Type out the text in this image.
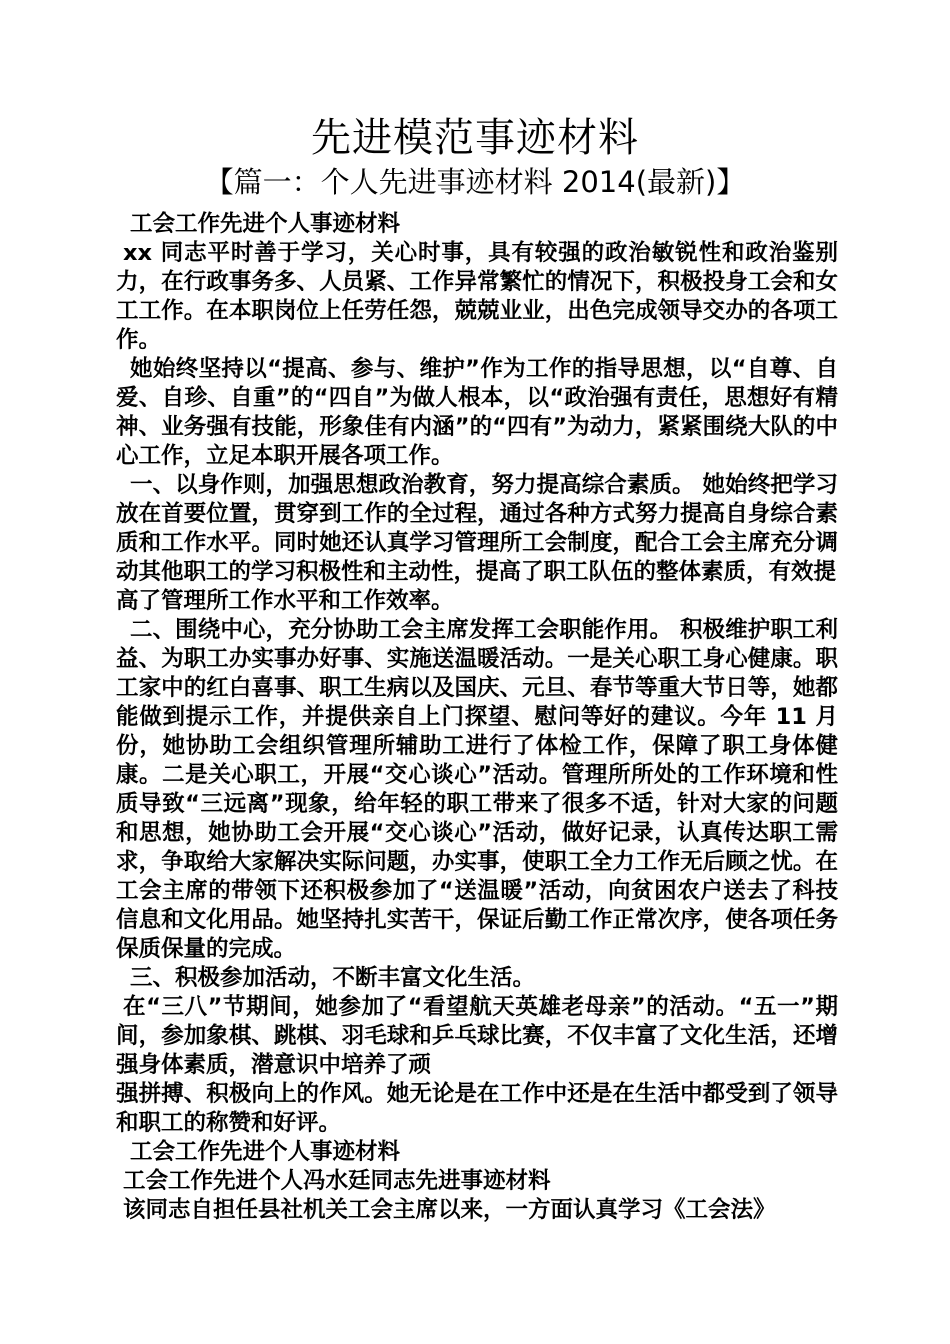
先进模范事迹材料
【篇一：个人先进事迹材料 2014(最新)】

工会工作先进个人事迹材料

xx 同志平时善于学习，关心时事，具有较强的政治敏锐性和政治鉴别力，在行政事务多、人员紧、工作异常繁忙的情况下，积极投身工会和女工工作。在本职岗位上任劳任怨，兢兢业业，出色完成领导交办的各项工作。

她始终坚持以“提高、参与、维护”作为工作的指导思想，以“自尊、自爱、自珍、自重”的“四自”为做人根本，以“政治强有责任，思想好有精神、业务强有技能，形象佳有内涵”的“四有”为动力，紧紧围绕大队的中心工作，立足本职开展各项工作。

一、以身作则，加强思想政治教育，努力提高综合素质。 她始终把学习放在首要位置，贯穿到工作的全过程，通过各种方式努力提高自身综合素质和工作水平。同时她还认真学习管理所工会制度，配合工会主席充分调动其他职工的学习积极性和主动性，提高了职工队伍的整体素质，有效提

高了管理所工作水平和工作效率。

二、围绕中心，充分协助工会主席发挥工会职能作用。 积极维护职工利益、为职工办实事办好事、实施送温暖活动。一是关心职工身心健康。职工家中的红白喜事、职工生病以及国庆、元旦、春节等重大节日等，她都能做到提示工作，并提供亲自上门探望、慰问等好的建议。今年 11 月份，她协助工会组织管理所辅助工进行了体检工作，保障了职工身体健康。二是关心职工，开展“交心谈心”活动。管理所所处的工作环境和性质导致“三远离”现象，给年轻的职工带来了很多不适，针对大家的问题和思想，她协助工会开展“交心谈心”活动，做好记录，认真传达职工需求，争取给大家解决实际问题，办实事，使职工全力工作无后顾之忧。在工会主席的带领下还积极参加了“送温暖”活动，向贫困农户送去了科技信息和文化用品。她坚持扎实苦干，保证后勤工作正常次序，使各项任务保质保量的完成。

三、积极参加活动，不断丰富文化生活。

在“三八”节期间，她参加了“看望航天英雄老母亲”的活动。“五一”期间，参加象棋、跳棋、羽毛球和乒乓球比赛，不仅丰富了文化生活，还增强身体素质，潜意识中培养了顽

强拼搏、积极向上的作风。她无论是在工作中还是在生活中都受到了领导和职工的称赞和好评。

工会工作先进个人事迹材料

工会工作先进个人冯水廷同志先进事迹材料

该同志自担任县社机关工会主席以来，一方面认真学习《工会法》
